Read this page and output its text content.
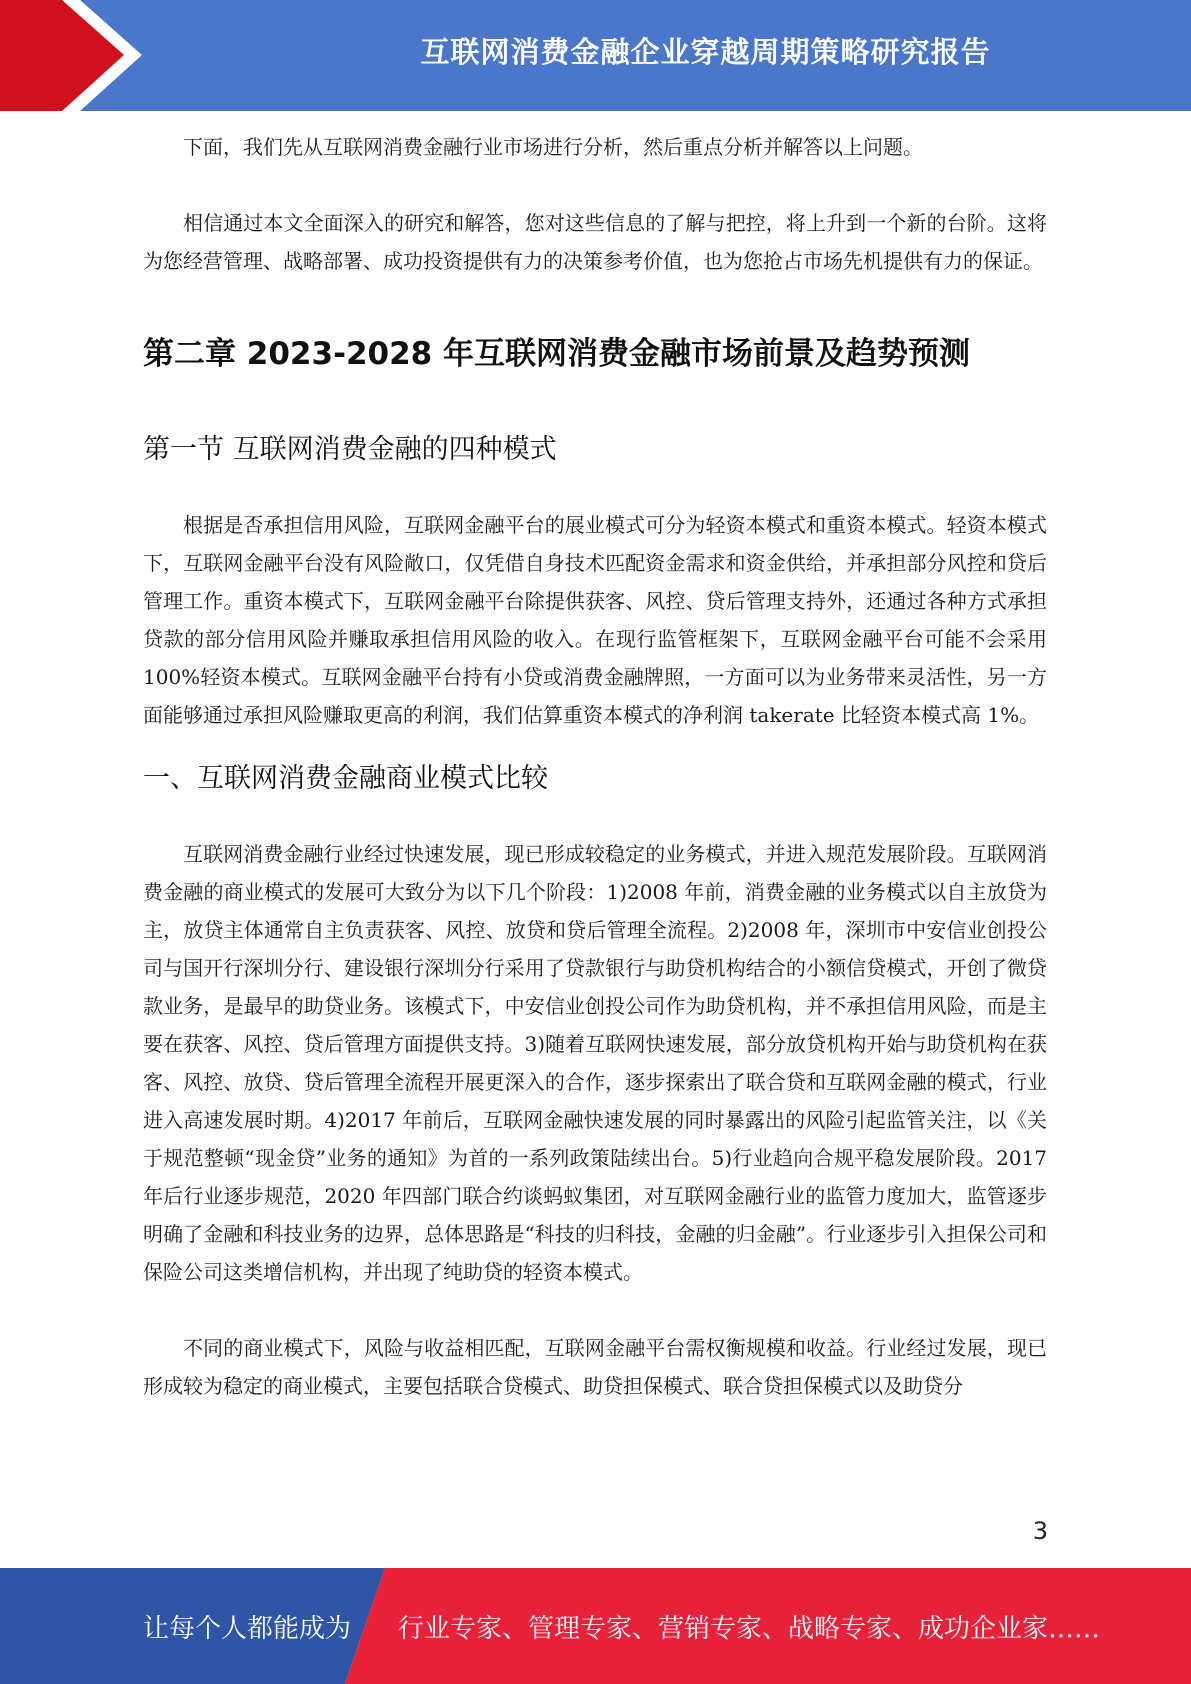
互联网消费金融企业穿越周期策略研究报告

下面，我们先从互联网消费金融行业市场进行分析，然后重点分析并解答以上问题。

相信通过本文全面深入的研究和解答，您对这些信息的了解与把控，将上升到一个新的台阶。这将为您经营管理、战略部署、成功投资提供有力的决策参考价值，也为您抢占市场先机提供有力的保证。

第二章 2023-2028 年互联网消费金融市场前景及趋势预测
第一节 互联网消费金融的四种模式

根据是否承担信用风险，互联网金融平台的展业模式可分为轻资本模式和重资本模式。轻资本模式下，互联网金融平台没有风险敞口，仅凭借自身技术匹配资金需求和资金供给，并承担部分风控和贷后管理工作。重资本模式下，互联网金融平台除提供获客、风控、贷后管理支持外，还通过各种方式承担贷款的部分信用风险并赚取承担信用风险的收入。在现行监管框架下，互联网金融平台可能不会采用 100%轻资本模式。互联网金融平台持有小贷或消费金融牌照，一方面可以为业务带来灵活性，另一方面能够通过承担风险赚取更高的利润，我们估算重资本模式的净利润 takerate 比轻资本模式高 1%。

一、互联网消费金融商业模式比较

互联网消费金融行业经过快速发展，现已形成较稳定的业务模式，并进入规范发展阶段。互联网消费金融的商业模式的发展可大致分为以下几个阶段：1)2008 年前，消费金融的业务模式以自主放贷为主，放贷主体通常自主负责获客、风控、放贷和贷后管理全流程。2)2008 年，深圳市中安信业创投公司与国开行深圳分行、建设银行深圳分行采用了贷款银行与助贷机构结合的小额信贷模式，开创了微贷款业务，是最早的助贷业务。该模式下，中安信业创投公司作为助贷机构，并不承担信用风险，而是主要在获客、风控、贷后管理方面提供支持。3)随着互联网快速发展，部分放贷机构开始与助贷机构在获客、风控、放贷、贷后管理全流程开展更深入的合作，逐步探索出了联合贷和互联网金融的模式，行业进入高速发展时期。4)2017 年前后，互联网金融快速发展的同时暴露出的风险引起监管关注，以《关于规范整顿“现金贷”业务的通知》为首的一系列政策陆续出台。5)行业趋向合规平稳发展阶段。2017 年后行业逐步规范，2020 年四部门联合约谈蚂蚁集团，对互联网金融行业的监管力度加大，监管逐步明确了金融和科技业务的边界，总体思路是“科技的归科技，金融的归金融”。行业逐步引入担保公司和保险公司这类增信机构，并出现了纯助贷的轻资本模式。

不同的商业模式下，风险与收益相匹配，互联网金融平台需权衡规模和收益。行业经过发展，现已形成较为稳定的商业模式，主要包括联合贷模式、助贷担保模式、联合贷担保模式以及助贷分

3
让每个人都能成为 行业专家、管理专家、营销专家、战略专家、成功企业家……
